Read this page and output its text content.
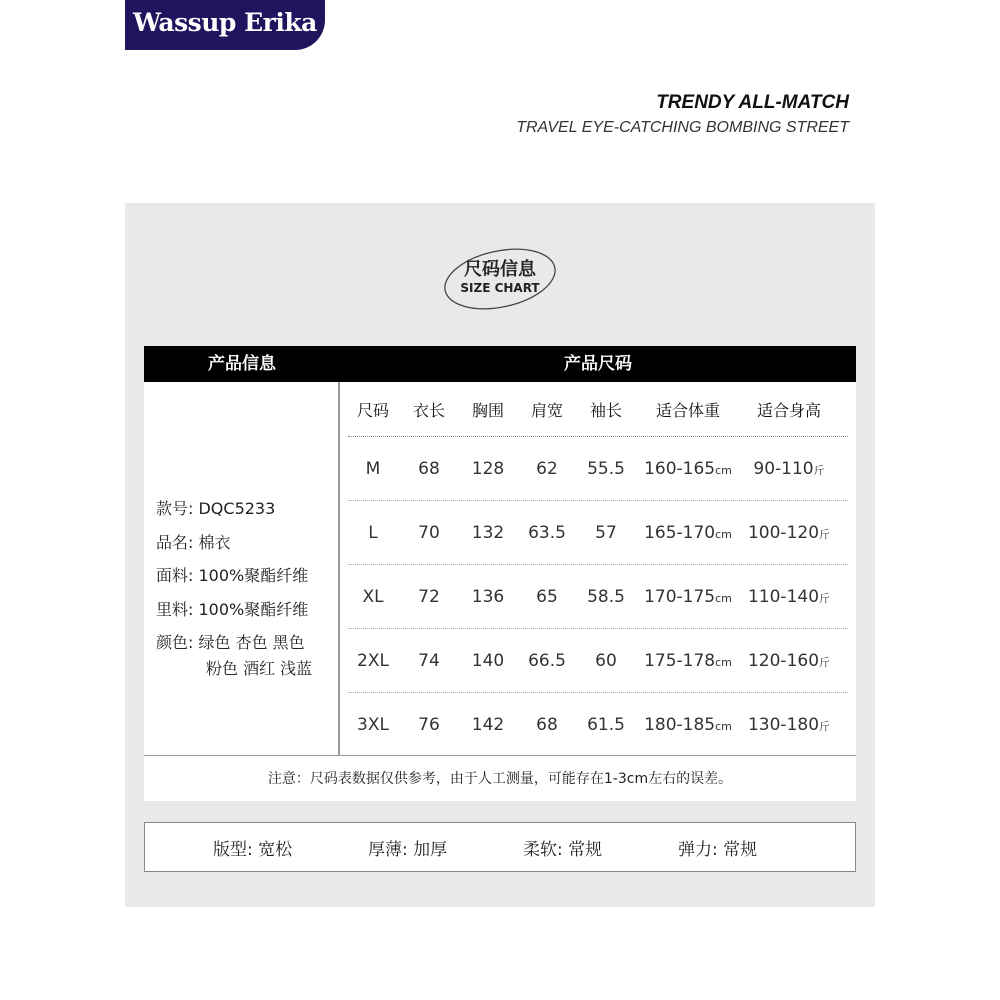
Wassup Erika
TRENDY ALL-MATCH
TRAVEL EYE-CATCHING BOMBING STREET
尺码信息
SIZE CHART
产品信息	产品尺码
款号: DQC5233
品名: 棉衣
面料: 100%聚酯纤维
里料: 100%聚酯纤维
颜色: 绿色 杏色 黑色
粉色 酒红 浅蓝
尺码	衣长	胸围	肩宽	袖长	适合体重	适合身高
M	68	128	62	55.5	160-165cm	90-110斤
L	70	132	63.5	57	165-170cm 100-120斤
XL	72	136	65	58.5	170-175cm 110-140斤
2XL	74	140	66.5	60	175-178cm 120-160斤
3XL	76	142	68	61.5	180-185cm 130-180斤
注意：尺码表数据仅供参考，由于人工测量，可能存在1-3cm左右的误差。
版型: 宽松	厚薄: 加厚	柔软: 常规	弹力: 常规
